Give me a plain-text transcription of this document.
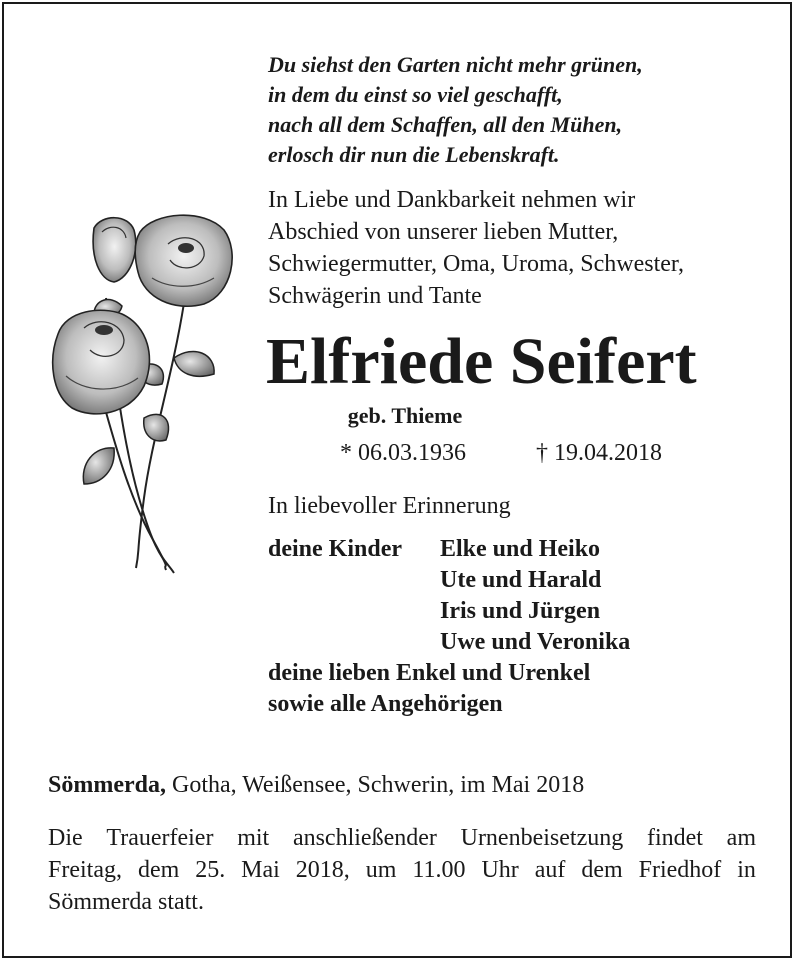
Du siehst den Garten nicht mehr grünen,
in dem du einst so viel geschafft,
nach all dem Schaffen, all den Mühen,
erlosch dir nun die Lebenskraft.
In Liebe und Dankbarkeit nehmen wir
Abschied von unserer lieben Mutter,
Schwiegermutter, Oma, Uroma, Schwester,
Schwägerin und Tante
Elfriede Seifert
geb. Thieme
* 06.03.1936	† 19.04.2018
In liebevoller Erinnerung
deine Kinder Elke und Heiko
Ute und Harald
Iris und Jürgen
Uwe und Veronika
deine lieben Enkel und Urenkel
sowie alle Angehörigen
Sömmerda, Gotha, Weißensee, Schwerin, im Mai 2018
Die Trauerfeier mit anschließender Urnenbeisetzung findet am
Freitag, dem 25. Mai 2018, um 11.00 Uhr auf dem Friedhof in
Sömmerda statt.
